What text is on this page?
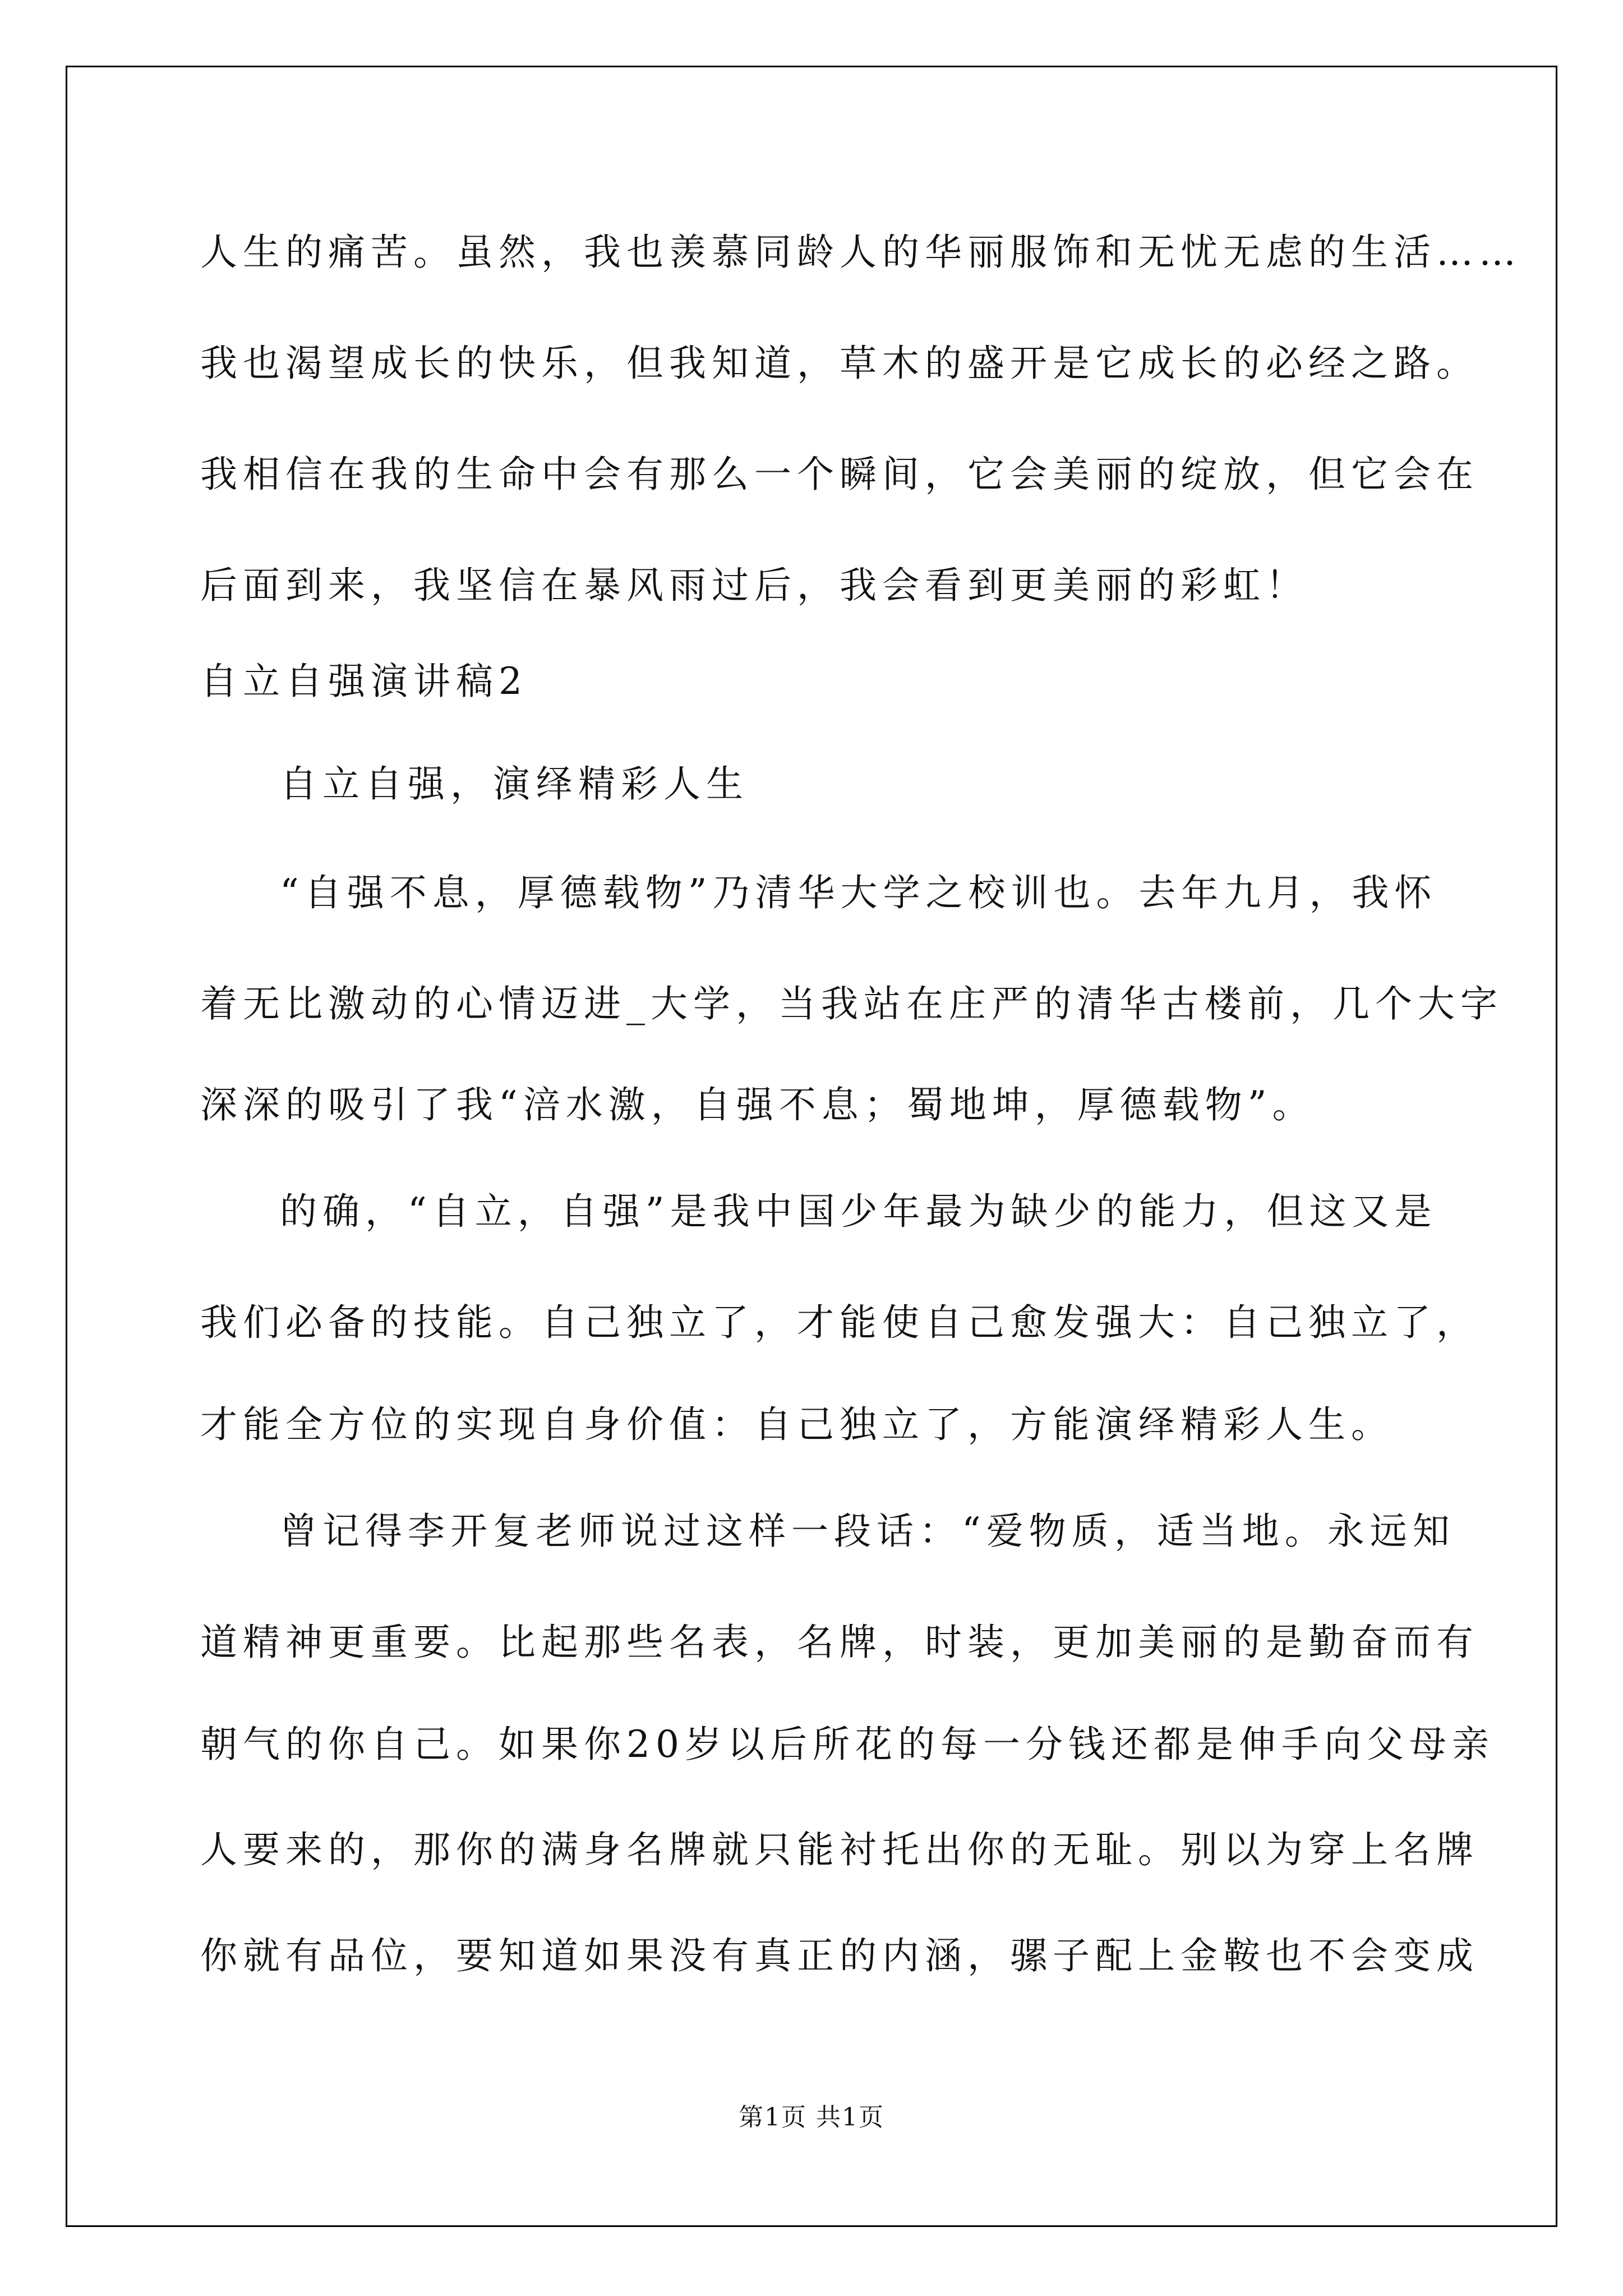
人生的痛苦。虽然，我也羡慕同龄人的华丽服饰和无忧无虑的生活……
我也渴望成长的快乐，但我知道，草木的盛开是它成长的必经之路。
我相信在我的生命中会有那么一个瞬间，它会美丽的绽放，但它会在
后面到来，我坚信在暴风雨过后，我会看到更美丽的彩虹！
自立自强演讲稿2
自立自强，演绎精彩人生
“自强不息，厚德载物”乃清华大学之校训也。去年九月，我怀
着无比激动的心情迈进_大学，当我站在庄严的清华古楼前，几个大字
深深的吸引了我“涪水激，自强不息；蜀地坤，厚德载物”。
的确，“自立，自强”是我中国少年最为缺少的能力，但这又是
我们必备的技能。自己独立了，才能使自己愈发强大：自己独立了，
才能全方位的实现自身价值：自己独立了，方能演绎精彩人生。
曾记得李开复老师说过这样一段话：“爱物质，适当地。永远知
道精神更重要。比起那些名表，名牌，时装，更加美丽的是勤奋而有
朝气的你自己。如果你20岁以后所花的每一分钱还都是伸手向父母亲
人要来的，那你的满身名牌就只能衬托出你的无耻。别以为穿上名牌
你就有品位，要知道如果没有真正的内涵，骡子配上金鞍也不会变成
第1页 共1页
